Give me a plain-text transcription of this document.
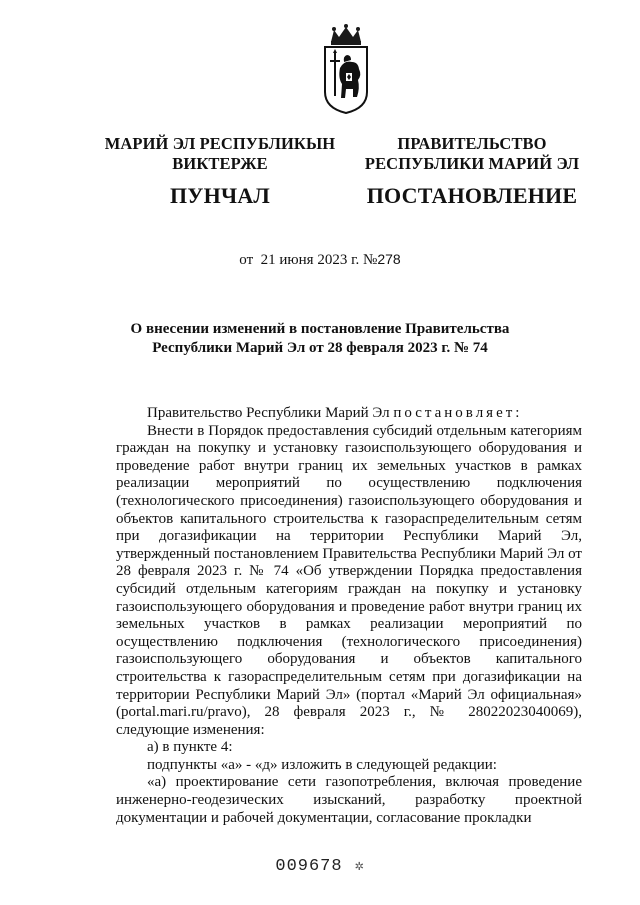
МАРИЙ ЭЛ РЕСПУБЛИКЫН
ВИКТЕРЖЕ
ПУНЧАЛ
ПРАВИТЕЛЬСТВО
РЕСПУБЛИКИ МАРИЙ ЭЛ
ПОСТАНОВЛЕНИЕ
от 21 июня 2023 г. №278
О внесении изменений в постановление Правительства
Республики Марий Эл от 28 февраля 2023 г. № 74

Правительство Республики Марий Эл постановляет:

Внести в Порядок предоставления субсидий отдельным категориям граждан на покупку и установку газоиспользующего оборудования и проведение работ внутри границ их земельных участков в рамках реализации мероприятий по осуществлению подключения (технологического присоединения) газоиспользующего оборудования и объектов капитального строительства к газораспределительным сетям при догазификации на территории Республики Марий Эл, утвержденный постановлением Правительства Республики Марий Эл от 28 февраля 2023 г. № 74 «Об утверждении Порядка предоставления субсидий отдельным категориям граждан на покупку и установку газоиспользующего оборудования и проведение работ внутри границ их земельных участков в рамках реализации мероприятий по осуществлению подключения (технологического присоединения) газоиспользующего оборудования и объектов капитального строительства к газораспределительным сетям при догазификации на территории Республики Марий Эл» (портал «Марий Эл официальная» (portal.mari.ru/pravo), 28 февраля 2023 г., № 28022023040069), следующие изменения:

а) в пункте 4:

подпункты «а» - «д» изложить в следующей редакции:

«а) проектирование сети газопотребления, включая проведение инженерно-геодезических изысканий, разработку проектной документации и рабочей документации, согласование прокладки

009678 ✲
